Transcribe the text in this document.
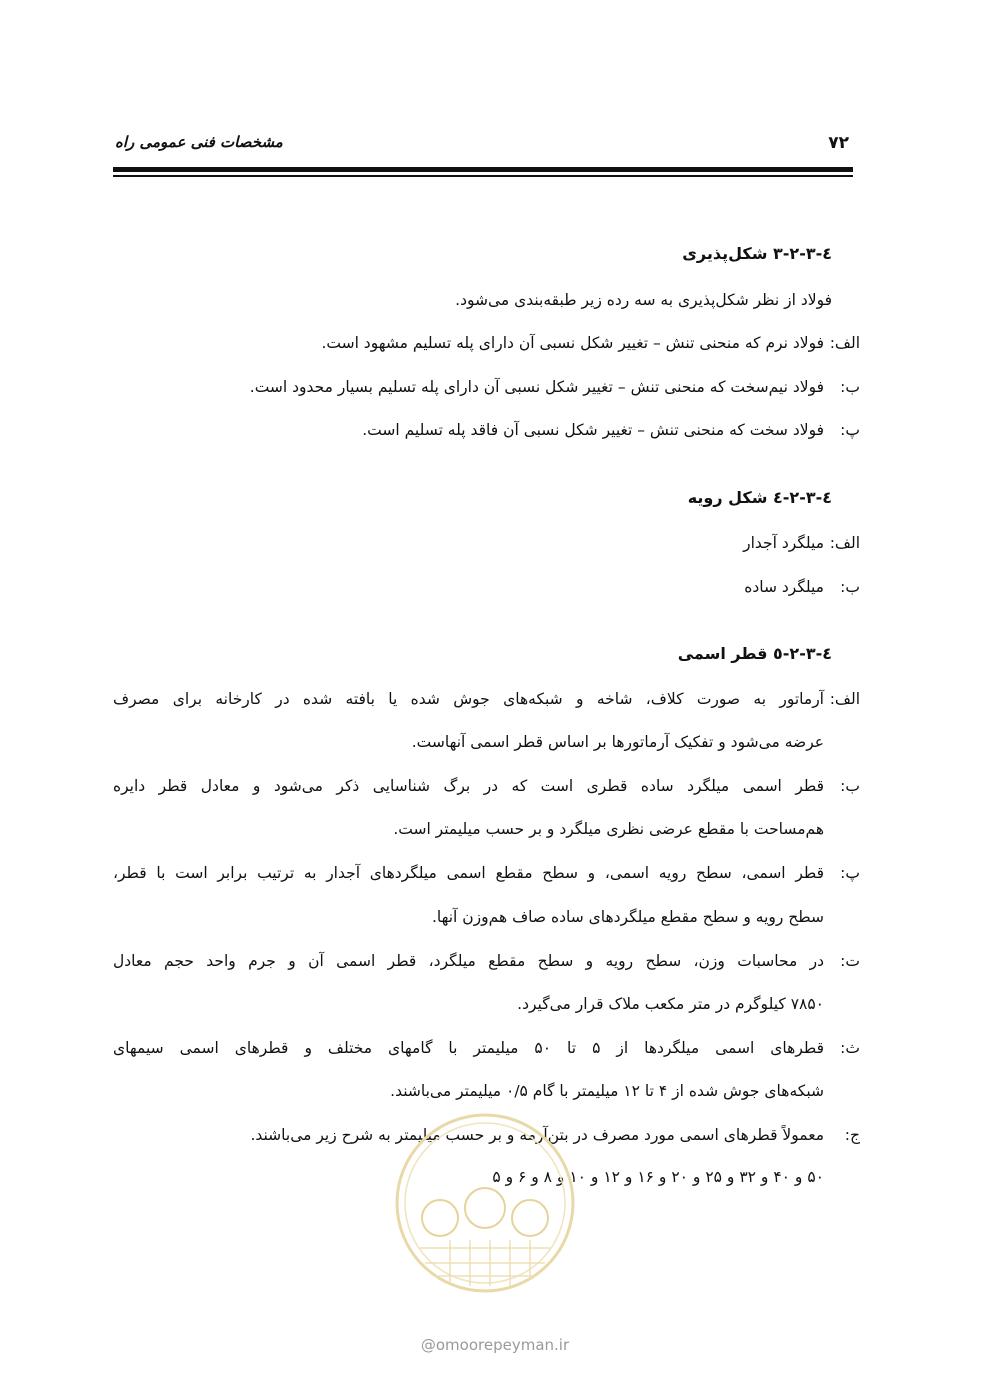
۷۲
مشخصات فنی عمومی راه
٤-٣-٢-٣ شکل‌پذیری
فولاد از نظر شکل‌پذیری به سه رده زیر طبقه‌بندی می‌شود.
الف:
فولاد نرم که منحنی تنش – تغییر شکل نسبی آن دارای پله تسلیم مشهود است.
ب:
فولاد نیم‌سخت که منحنی تنش – تغییر شکل نسبی آن دارای پله تسلیم بسیار محدود است.
پ:
فولاد سخت که منحنی تنش – تغییر شکل نسبی آن فاقد پله تسلیم است.
٤-٣-٢-٤ شکل رویه
الف:
میلگرد آجدار
ب:
میلگرد ساده
٤-٣-٢-٥ قطر اسمی
الف:
آرماتور به صورت کلاف، شاخه و شبکه‌های جوش شده یا بافته شده در کارخانه برای مصرف
عرضه می‌شود و تفکیک آرماتورها بر اساس قطر اسمی آنهاست.
ب:
قطر اسمی میلگرد ساده قطری است که در برگ شناسایی ذکر می‌شود و معادل قطر دایره
هم‌مساحت با مقطع عرضی نظری میلگرد و بر حسب میلیمتر است.
پ:
قطر اسمی، سطح رویه اسمی، و سطح مقطع اسمی میلگردهای آجدار به ترتیب برابر است با قطر،
سطح رویه و سطح مقطع میلگردهای ساده صاف هم‌وزن آنها.
ت:
در محاسبات وزن، سطح رویه و سطح مقطع میلگرد، قطر اسمی آن و جرم واحد حجم معادل
۷۸۵۰ کیلوگرم در متر مکعب ملاک قرار می‌گیرد.
ث:
قطرهای اسمی میلگردها از ۵ تا ۵۰ میلیمتر با گامهای مختلف و قطرهای اسمی سیمهای
شبکه‌های جوش شده از ۴ تا ۱۲ میلیمتر با گام ۰/۵ میلیمتر می‌باشند.
ج:
معمولاً قطرهای اسمی مورد مصرف در بتن‌آرمه و بر حسب میلیمتر به شرح زیر می‌باشند.
۵۰ و ۴۰ و ۳۲ و ۲۵ و ۲۰ و ۱۶ و ۱۲ و ۱۰ و ۸ و ۶ و ۵
@omoorepeyman.ir
